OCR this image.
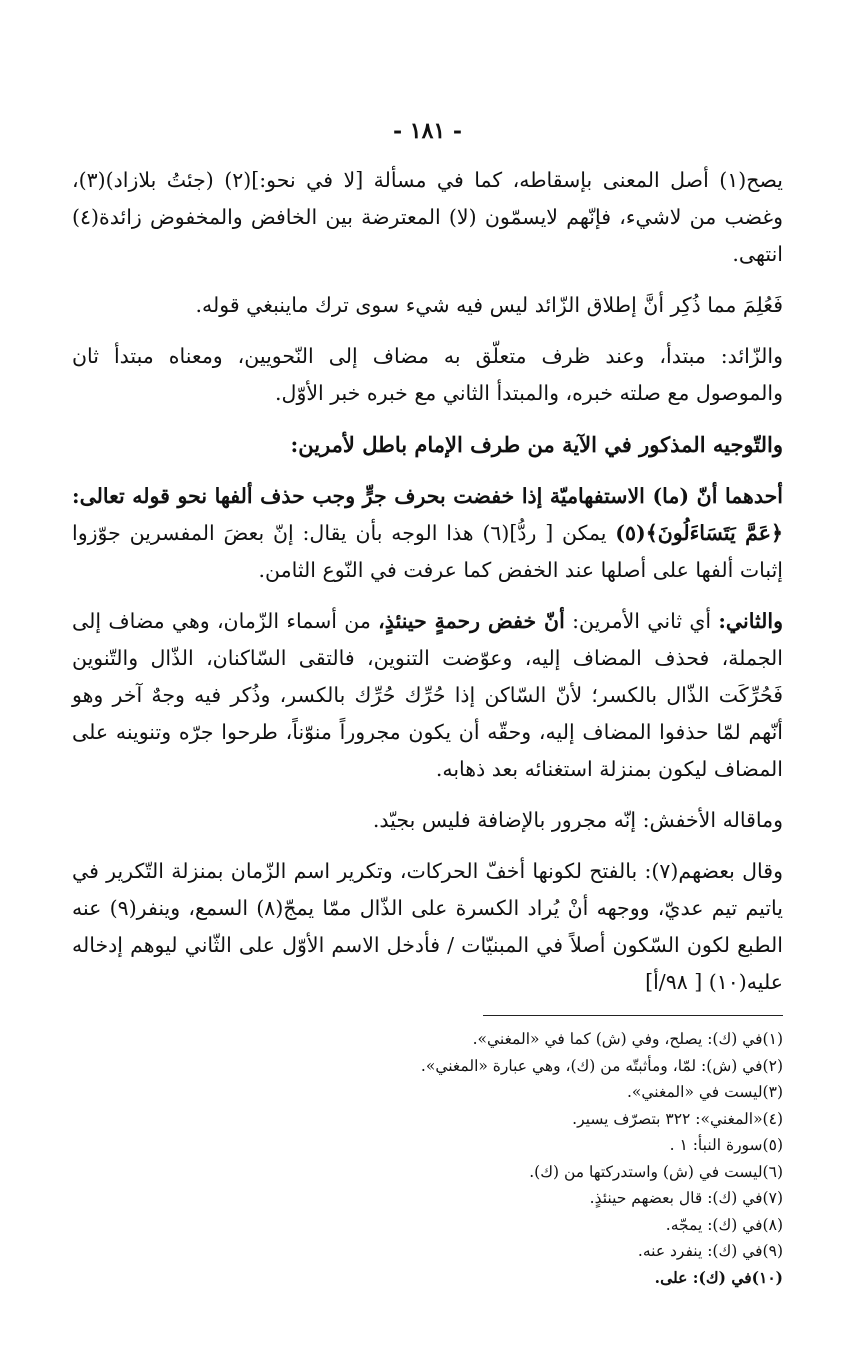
- ١٨١ -

يصح(١) أصل المعنى بإسقاطه، كما في مسألة [لا في نحو:](٢) (جئتُ بلازاد)(٣)، وغضب من لاشيء، فإنّهم لايسمّون (لا) المعترضة بين الخافض والمخفوض زائدة(٤) انتهى.

فَعُلِمَ مما ذُكِر أنَّ إطلاق الزّائد ليس فيه شيء سوى ترك ماينبغي قوله.

والزّائد: مبتدأ، وعند ظرف متعلّق به مضاف إلى النّحويين، ومعناه مبتدأ ثان والموصول مع صلته خبره، والمبتدأ الثاني مع خبره خبر الأوّل.

والتّوجيه المذكور في الآية من طرف الإمام باطل لأمرين:

أحدهما أنّ (ما) الاستفهاميّة إذا خفضت بحرف جرٍّ وجب حذف ألفها نحو قوله تعالى: ﴿عَمَّ يَتَسَاءَلُونَ﴾(٥) يمكن [ ردُّ](٦) هذا الوجه بأن يقال: إنّ بعضَ المفسرين جوّزوا إثبات ألفها على أصلها عند الخفض كما عرفت في النّوع الثامن.

والثاني: أي ثاني الأمرين: أنّ خفض رحمةٍ حينئذٍ، من أسماء الزّمان، وهي مضاف إلى الجملة، فحذف المضاف إليه، وعوّضت التنوين، فالتقى السّاكنان، الذّال والتّنوين فَحُرِّكَت الذّال بالكسر؛ لأنّ السّاكن إذا حُرِّك حُرِّك بالكسر، وذُكر فيه وجهٌ آخر وهو أنّهم لمّا حذفوا المضاف إليه، وحقّه أن يكون مجروراً منوّناً، طرحوا جرّه وتنوينه على المضاف ليكون بمنزلة استغنائه بعد ذهابه.

وماقاله الأخفش: إنّه مجرور بالإضافة فليس بجيّد.

وقال بعضهم(٧): بالفتح لكونها أخفّ الحركات، وتكرير اسم الزّمان بمنزلة التّكرير في ياتيم تيم عديّ، ووجهه أنْ يُراد الكسرة على الذّال ممّا يمجّ(٨) السمع، وينفر(٩) عنه الطبع لكون السّكون أصلاً في المبنيّات / فأدخل الاسم الأوّل على الثّاني ليوهم إدخاله عليه(١٠) [ ٩٨/أ]

(١)في (ك): يصلح، وفي (ش) كما في «المغني».
(٢)في (ش): لمّا، ومأثبتّه من (ك)، وهي عبارة «المغني».
(٣)ليست في «المغني».
(٤)«المغني»: ٣٢٢ بتصرّف يسير.
(٥)سورة النبأ: ١ .
(٦)ليست في (ش) واستدركتها من (ك).
(٧)في (ك): قال بعضهم حينئذٍ.
(٨)في (ك): يمجّه.
(٩)في (ك): ينفرد عنه.
(١٠)في (ك): على.
